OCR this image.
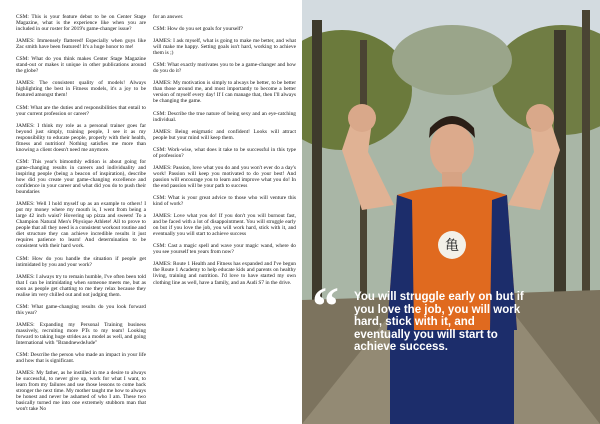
CSM: This is your feature debut to be on Center Stage Magazine, what is the experience like when you are included in our roster for 2019's game-changer issue?

JAMES: Immensely flattered! Especially when guys like Zac smith have been featured! It's a huge honor to me!

CSM: What do you think makes Center Stage Magazine stand-out or makes it unique in other publications around the globe?

JAMES: The consistent quality of models! Always highlighting the best in Fitness models, it's a joy to be featured amongst them!

CSM: What are the duties and responsibilities that entail to your current profession or career?

JAMES: I think my role as a personal trainer goes far beyond just simply, training people, I see it as my responsibility to educate people, properly with their health, fitness and nutrition! Nothing satisfies me more than knowing a client doesn't need me anymore.

CSM: This year's bimonthly edition is about going for game-changing results in careers and individuality and inspiring people (being a beacon of inspiration), describe how did you create your game-changing excellence and confidence in your career and what did you do to push their boundaries

JAMES: Well I hold myself up as an example to others! I put my money where my mouth is, I went from being a large 42 inch waist? Hovering up pizza and sweets! To a Champion Natural Men's Physique Athlete! All to prove to people that all they need is a consistent workout routine and diet structure they can achieve incredible results it just requires patience to learn! And determination to be consistent with their hard work.

CSM: How do you handle the situation if people get intimidated by you and your work?

JAMES: I always try to remain humble, I've often been told that I can be intimidating when someone meets me, but as soon as people get chatting to me they relax because they realise im very chilled out and not judging them.

CSM: What game-changing results do you look forward this year?

JAMES: Expanding my Personal Training business massively, recruiting more PTs to my team! Looking forward to taking huge strides as a model as well, and going International with "BrandnewdeJude"

CSM: Describe the person who made an impact in your life and how that is significant.

JAMES: My father, as he instilled in me a desire to always be successful, to never give up, work for what I want, to learn from my failures and use those lessons to come back stronger the next time. My mother taught me how to always be honest and never be ashamed of who I am. These two basically turned me into one extremely stubborn man that won't take No

for an answer.

CSM: How do you set goals for yourself?

JAMES: I ask myself, what is going to make me better, and what will make me happy. Setting goals isn't hard, working to achieve them is ;)

CSM: What exactly motivates you to be a game-changer and how do you do it?

JAMES: My motivation is simply to always be better, to be better than those around me, and most importantly to become a better version of myself every day! If I can manage that, then I'll always be changing the game.

CSM: Describe the true nature of being sexy and an eye-catching individual.

JAMES: Being enigmatic and confident! Looks will attract people but your mind will keep them.

CSM: Work-wise, what does it take to be successful in this type of profession?

JAMES: Passion, love what you do and you won't ever do a day's work! Passion will keep you motivated to do your best! And passion will encourage you to learn and improve what you do! In the end passion will be your path to success

CSM: What is your great advice to those who will venture this kind of work?

JAMES: Love what you do! If you don't you will burnout fast, and be faced with a lot of disappointment. You will struggle early on but if you love the job, you will work hard, stick with it, and eventually you will start to achieve success

CSM: Cast a magic spell and wave your magic wand, where do you see yourself ten years from now?

JAMES: Route 1 Health and Fitness has expanded and I've begun the Route 1 Academy to help educate kids and parents on healthy living, training and nutrition. I'd love to have started my own clothing line as well, have a family, and an Audi S7 in the drive.

亀
“ You will struggle early on but if you love the job, you will work hard, stick with it, and eventually you will start to achieve success.
